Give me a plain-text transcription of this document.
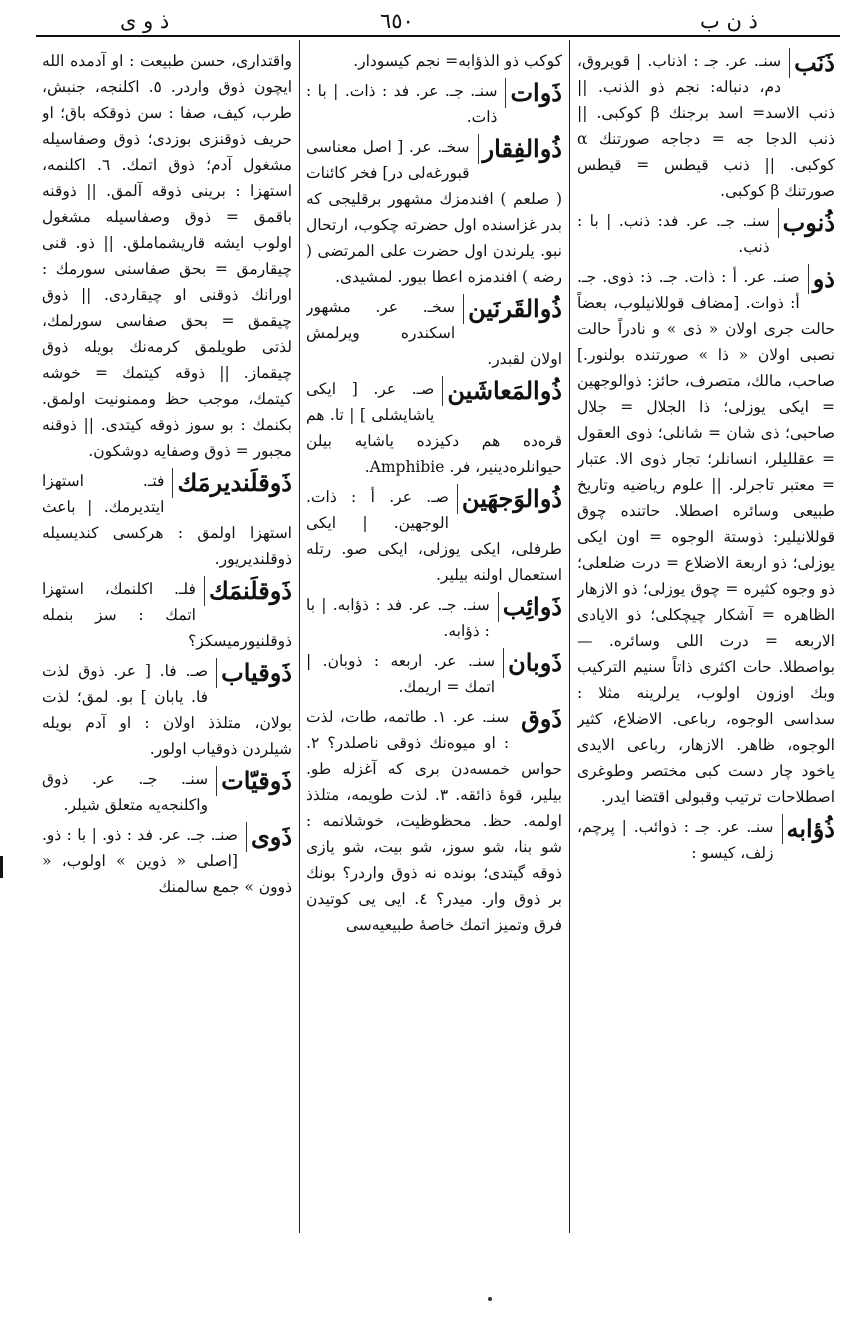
ذ و ى	٦٥٠	ذ ن ب
ذَنَب
سنـ. عر. جـ : اذناب. | قویروق، دم، دنباله: نجم ذو الذنب. || ذنب الاسد= اسد برجنك β كوكبی. || ذنب الدجا جه = دجاجه صورتنك α كوكبی. || ذنب قیطس = قیطس صورتنك β كوكبی.
ذُنوب
سنـ. جـ. عر. فد: ذنب. | با : ذنب.
ذو
صنـ. عر. أ : ذات. جـ. ذ: ذوی. جـ. أ: ذوات. [مضاف قوللانیلوب، بعضاً حالت جری اولان « ذی » و نادراً حالت نصبی اولان « ذا » صورتنده بولنور.] صاحب، مالك، متصرف، حائز: ذوالوجهین = ایكی یوزلی؛ ذا الجلال = جلال صاحبی؛ ذی شان = شانلی؛ ذوی العقول = عقللیلر، انسانلر؛ تجار ذوی الا. عتبار = معتبر تاجرلر. || علوم ریاضیه وتاریخ طبیعی وسائره اصطلا. حاتنده چوق قوللانیلیر: ذوستة الوجوه = اون ایكی یوزلی؛ ذو اربعة الاضلاع = درت ضلعلی؛ ذو وجوه كثیره = چوق یوزلی؛ ذو الازهار الظاهره = آشكار چیچكلی؛ ذو الایادی الاربعه = درت اللی وسائره. — بواصطلا. حات اكثری ذاتاً سنیم التركیب وبك اوزون اولوب، یرلرینه مثلا : سداسی الوجوه، رباعی. الاضلاع، كثیر الوجوه، ظاهر. الازهار، رباعی الایدی یاخود چار دست كبی مختصر وطوغری اصطلاحات ترتیب وقبولی اقتضا ایدر.
ذُؤابه
سنـ. عر. جـ : ذوائب. | پرچم، زلف، كیسو :
كوكب ذو الذؤابه= نجم كیسودار.
ذَوات
سنـ. جـ. عر. فد : ذات. | با : ذات.
ذُوالفِقار
سخـ. عر. [ اصل معناسی قبورغه‌لی در] فخر كائنات ( صلعم ) افندمزك مشهور برقلیجی كه بدر غزاسنده اول حضرته چكوب، ارتحال نبو. یلرندن اول حضرت علی المرتضی ( رضه ) افندمزه اعطا بیور. لمشیدی.
ذُوالقَرنَین
سخـ. عر. مشهور اسكندره ویرلمش اولان لقبدر.
ذُوالمَعاشَین
صـ. عر. [ ایكی یاشایشلی ] | تا. هم قره‌ده هم دكیزده یاشایه بیلن حیوانلره‌دینیر، فر. Amphibie.
ذُوالوَجهَین
صـ. عر. أ : ذات. الوجهین. | ایكی طرفلی، ایكی یوزلی، ایكی صو. رتله استعمال اولنه بیلیر.
ذَوائِب
سنـ. جـ. عر. فد : ذؤابه. | با : ذؤابه.
ذَوبان
سنـ. عر. اربعه : ذوبان. | اتمك = اریمك.
ذَوق
سنـ. عر. ١. طاتمه، طات، لذت : او میوه‌نك ذوقی ناصلدر؟ ٢. حواس خمسه‌دن بری كه آغزله طو. بیلیر، قوهٔ ذائقه. ٣. لذت طویمه، متلذذ اولمه. حظ. محظوظیت، خوشلانمه : شو بنا، شو سوز، شو بیت، شو یازی ذوقه گیتدی؛ بونده نه ذوق واردر؟ بونك بر ذوق وار. میدر؟ ٤. ایی یی كوتیدن فرق وتمیز اتمك خاصهٔ طبیعیه‌سی
واقتداری، حسن طبیعت : او آدمده الله ایچون ذوق واردر. ٥. اكلنجه، جنبش، طرب، كیف، صفا : سن ذوقكه باق؛ او حریف ذوقنزی بوزدی؛ ذوق وصفاسیله مشغول آدم؛ ذوق اتمك. ٦. اكلنمه، استهزا : برینی ذوقه آلمق. || ذوقنه باقمق = ذوق وصفاسیله مشغول اولوب ایشه قاریشماملق. || ذو. قنی چیقارمق = بحق صفاسنی سورمك : اورانك ذوقنی او چیقاردی. || ذوق چیقمق = بحق صفاسی سورلمك، لذتی طویلمق كرمه‌نك بویله ذوق چیقماز. || ذوقه كیتمك = خوشه كیتمك، موجب حظ وممنونیت اولمق. بكنمك : بو سوز ذوقه كیتدی. || ذوقنه مجبور = ذوق وصفایه دوشكون.
ذَوقلَندیرمَك
فتـ. استهزا ایتدیرمك. | باعث استهزا اولمق : هركسی كندیسیله ذوقلندیریور.
ذَوقلَنمَك
فلـ. اكلنمك، استهزا اتمك : سز بنمله ذوقلنیورمیسكز؟
ذَوقیاب
صـ. فا. [ عر. ذوق لذت فا. یابان ] بو. لمق؛ لذت بولان، متلذذ اولان : او آدم بویله شیلردن ذوقیاب اولور.
ذَوقیّات
سنـ. جـ. عر. ذوق واكلنجه‌یه متعلق شیلر.
ذَوی
صنـ. جـ. عر. فد : ذو. | با : ذو. [اصلی « ذوین » اولوب، « ذوون » جمع سالمنك
